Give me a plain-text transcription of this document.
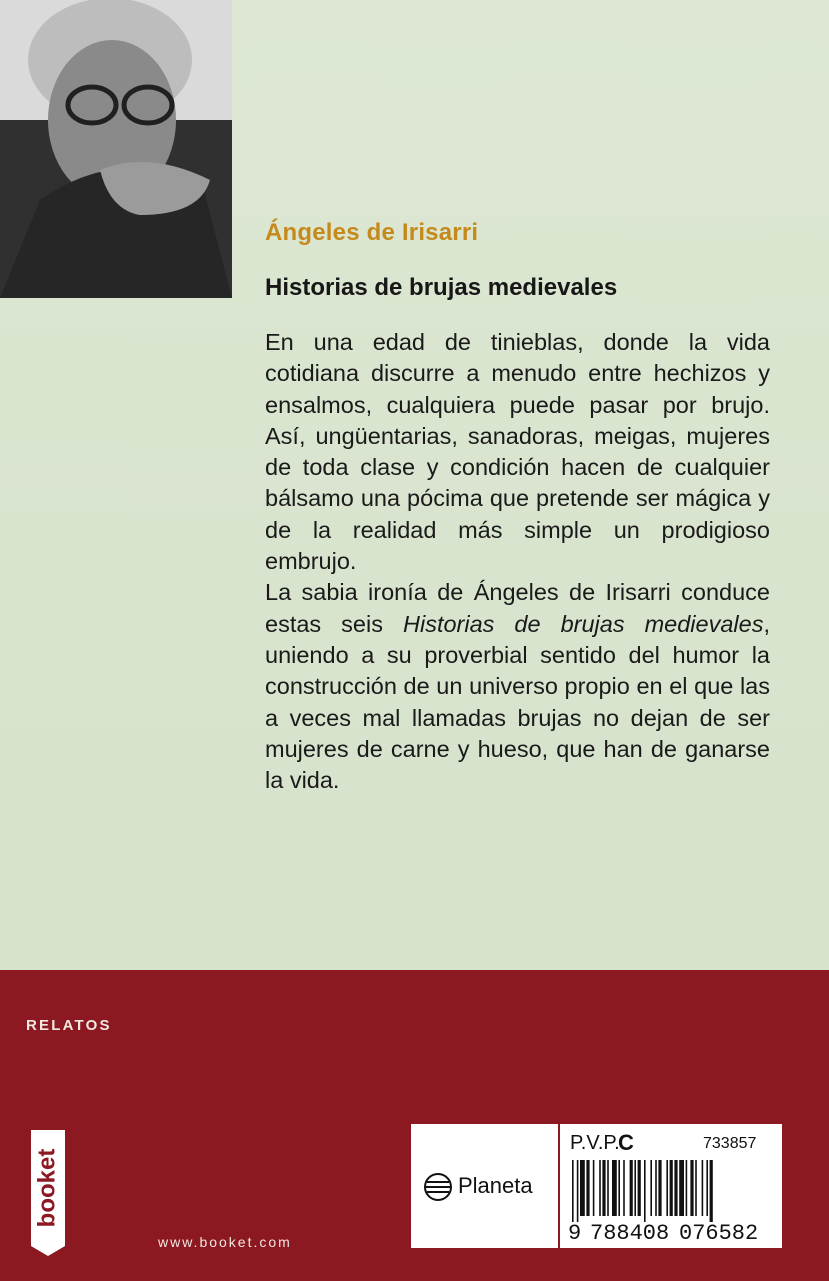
Ángeles de Irisarri
Historias de brujas medievales

En una edad de tinieblas, donde la vida cotidiana discurre a menudo entre hechizos y ensalmos, cualquiera puede pasar por brujo. Así, ungüentarias, sanadoras, meigas, mujeres de toda clase y condición hacen de cualquier bálsamo una pócima que pretende ser mágica y de la realidad más simple un prodigioso embrujo.

La sabia ironía de Ángeles de Irisarri conduce estas seis Historias de brujas medievales, uniendo a su proverbial sentido del humor la construcción de un universo propio en el que las a veces mal llamadas brujas no dejan de ser mujeres de carne y hueso, que han de ganarse la vida.

RELATOS
booket
www.booket.com
Planeta
P.V.P.
C	733857
9 788408 076582
